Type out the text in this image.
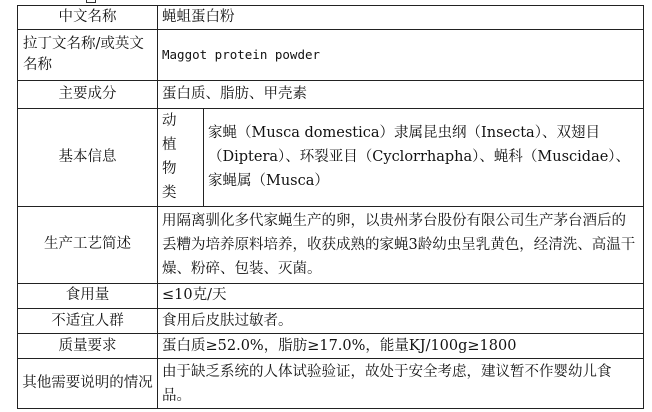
中文名称	蝇蛆蛋白粉	
拉丁文名称/或英文名称	Maggot protein powder	
主要成分	蛋白质、脂肪、甲壳素	
基本信息	动植物类	家蝇（Musca domestica）隶属昆虫纲（Insecta）、双翅目（Diptera）、环裂亚目（Cyclorrhapha）、蝇科（Muscidae）、家蝇属（Musca）
生产工艺简述	用隔离驯化多代家蝇生产的卵，以贵州茅台股份有限公司生产茅台酒后的丢糟为培养原料培养，收获成熟的家蝇3龄幼虫呈乳黄色，经清洗、高温干燥、粉碎、包装、灭菌。	
食用量	≤10克/天	
不适宜人群	食用后皮肤过敏者。	
质量要求	蛋白质≥52.0%，脂肪≥17.0%，能量KJ/100g≥1800	
其他需要说明的情况	由于缺乏系统的人体试验验证，故处于安全考虑，建议暂不作婴幼儿食品。	
